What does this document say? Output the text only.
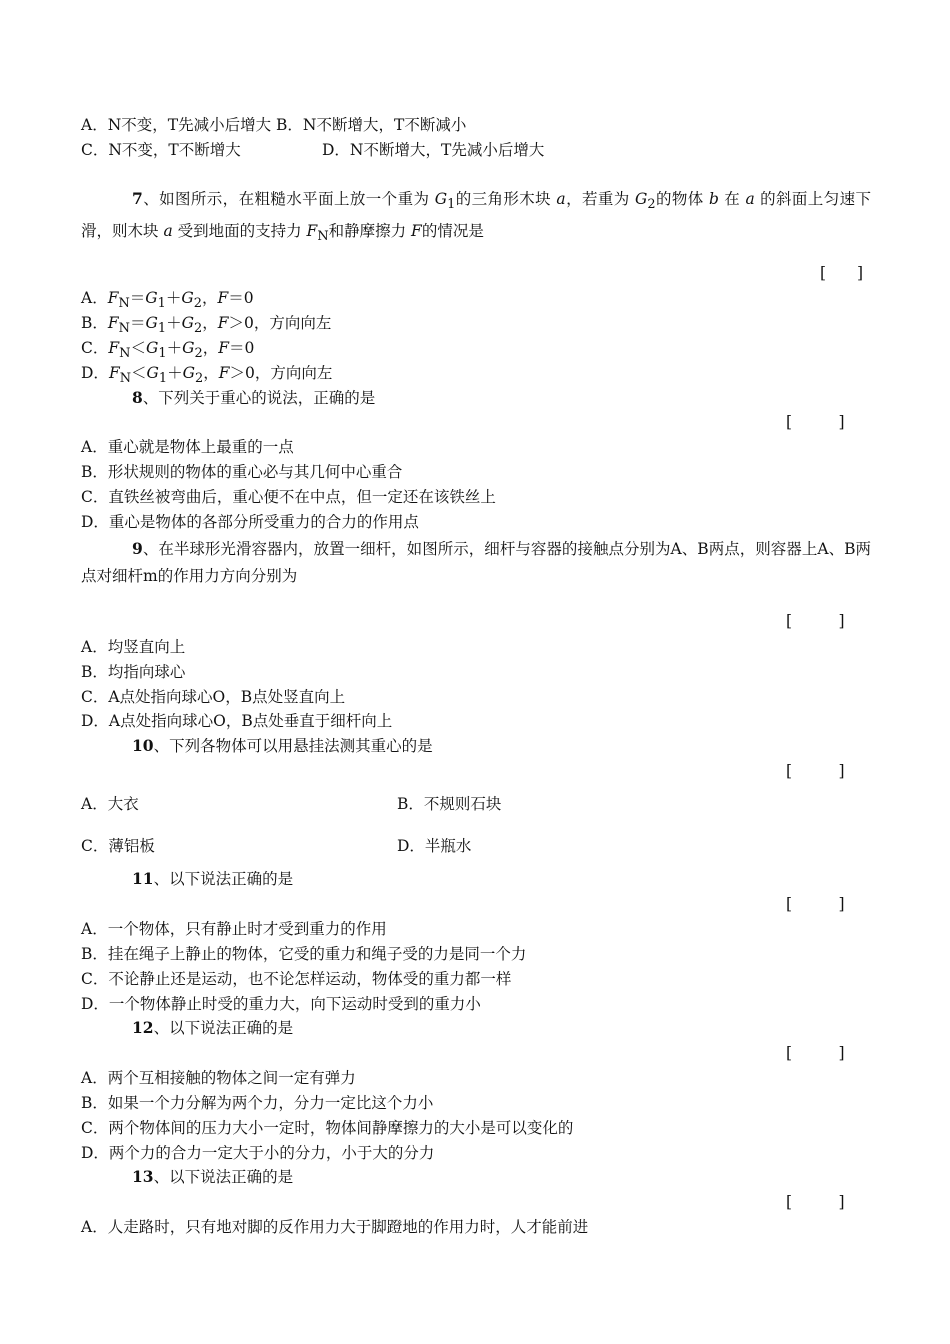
A．N不变，T先减小后增大 B．N不断增大，T不断减小
C．N不变，T不断增大	D．N不断增大，T先减小后增大
7、如图所示，在粗糙水平面上放一个重为 $G_1$的三角形木块 a，若重为 $G_2$的物体 b 在 a 的斜面上匀速下滑，则木块 a 受到地面的支持力 $F_N$和静摩擦力 F的情况是
[　　]
A．$F_N=G_1+G_2$，F＝0
B．$F_N=G_1+G_2$，F＞0，方向向左
C．$F_N<G_1+G_2$，F＝0
D．$F_N<G_1+G_2$，F＞0，方向向左
8、下列关于重心的说法，正确的是
[　　　]
A．重心就是物体上最重的一点
B．形状规则的物体的重心必与其几何中心重合
C．直铁丝被弯曲后，重心便不在中点，但一定还在该铁丝上
D．重心是物体的各部分所受重力的合力的作用点
9、在半球形光滑容器内，放置一细杆，如图所示，细杆与容器的接触点分别为A、B两点，则容器上A、B两点对细杆m的作用力方向分别为
[　　　]
A．均竖直向上
B．均指向球心
C．A点处指向球心O，B点处竖直向上
D．A点处指向球心O，B点处垂直于细杆向上
10、下列各物体可以用悬挂法测其重心的是
[　　　]
A．大衣	B．不规则石块
C．薄铝板	D．半瓶水
11、以下说法正确的是
[　　　]
A．一个物体，只有静止时才受到重力的作用
B．挂在绳子上静止的物体，它受的重力和绳子受的力是同一个力
C．不论静止还是运动，也不论怎样运动，物体受的重力都一样
D．一个物体静止时受的重力大，向下运动时受到的重力小
12、以下说法正确的是
[　　　]
A．两个互相接触的物体之间一定有弹力
B．如果一个力分解为两个力，分力一定比这个力小
C．两个物体间的压力大小一定时，物体间静摩擦力的大小是可以变化的
D．两个力的合力一定大于小的分力，小于大的分力
13、以下说法正确的是
[　　　]
A．人走路时，只有地对脚的反作用力大于脚蹬地的作用力时，人才能前进
